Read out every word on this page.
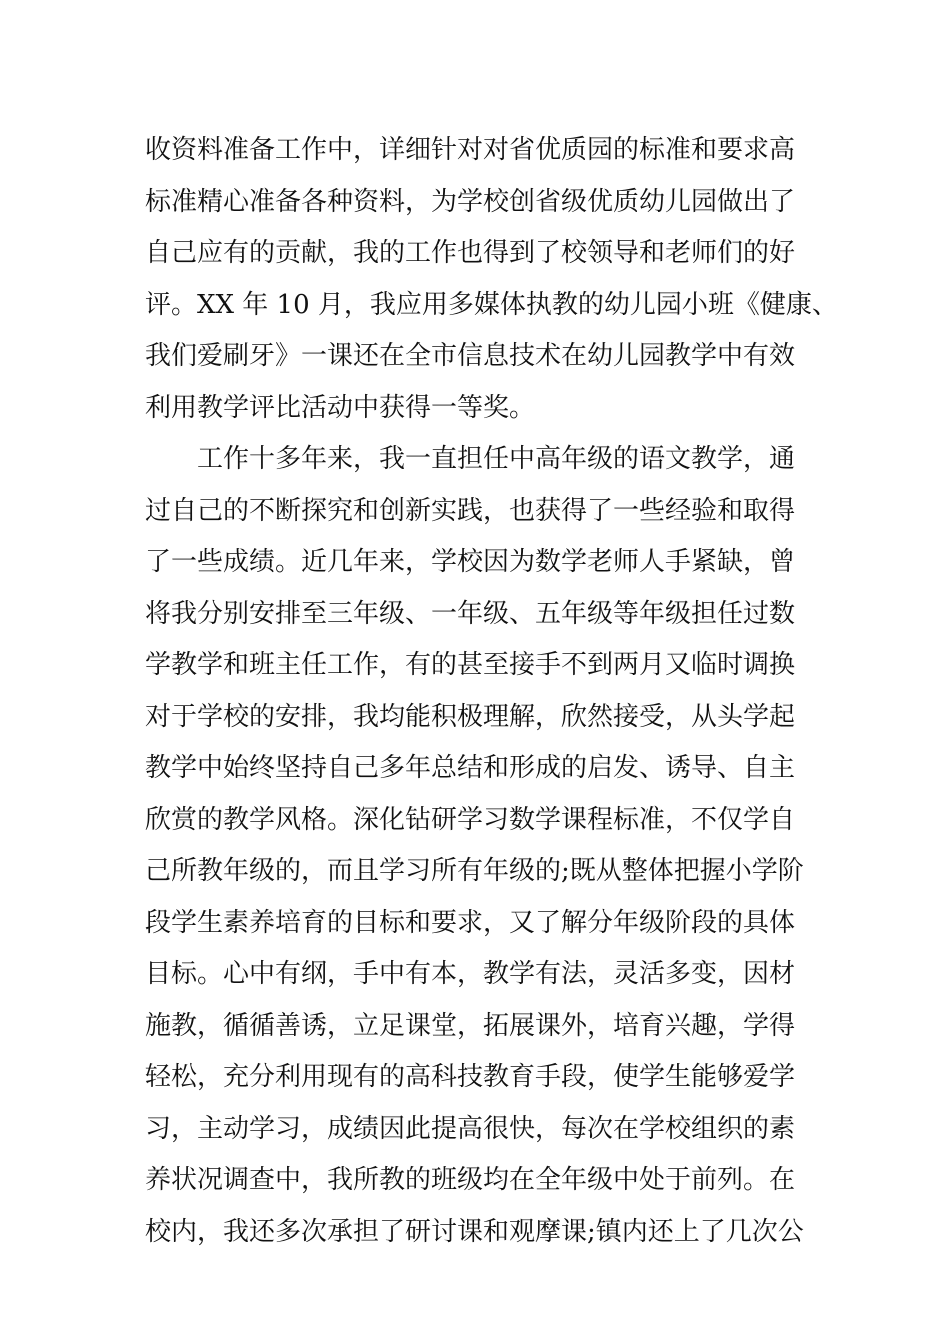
收资料准备工作中，详细针对对省优质园的标准和要求高
标准精心准备各种资料，为学校创省级优质幼儿园做出了
自己应有的贡献，我的工作也得到了校领导和老师们的好
评。XX 年 10 月，我应用多媒体执教的幼儿园小班《健康、
我们爱刷牙》一课还在全市信息技术在幼儿园教学中有效
利用教学评比活动中获得一等奖。
　　工作十多年来，我一直担任中高年级的语文教学，通
过自己的不断探究和创新实践，也获得了一些经验和取得
了一些成绩。近几年来，学校因为数学老师人手紧缺，曾
将我分别安排至三年级、一年级、五年级等年级担任过数
学教学和班主任工作，有的甚至接手不到两月又临时调换
对于学校的安排，我均能积极理解，欣然接受，从头学起
教学中始终坚持自己多年总结和形成的启发、诱导、自主
欣赏的教学风格。深化钻研学习数学课程标准，不仅学自
己所教年级的，而且学习所有年级的;既从整体把握小学阶
段学生素养培育的目标和要求，又了解分年级阶段的具体
目标。心中有纲，手中有本，教学有法，灵活多变，因材
施教，循循善诱，立足课堂，拓展课外，培育兴趣，学得
轻松，充分利用现有的高科技教育手段，使学生能够爱学
习，主动学习，成绩因此提高很快，每次在学校组织的素
养状况调查中，我所教的班级均在全年级中处于前列。在
校内，我还多次承担了研讨课和观摩课;镇内还上了几次公
